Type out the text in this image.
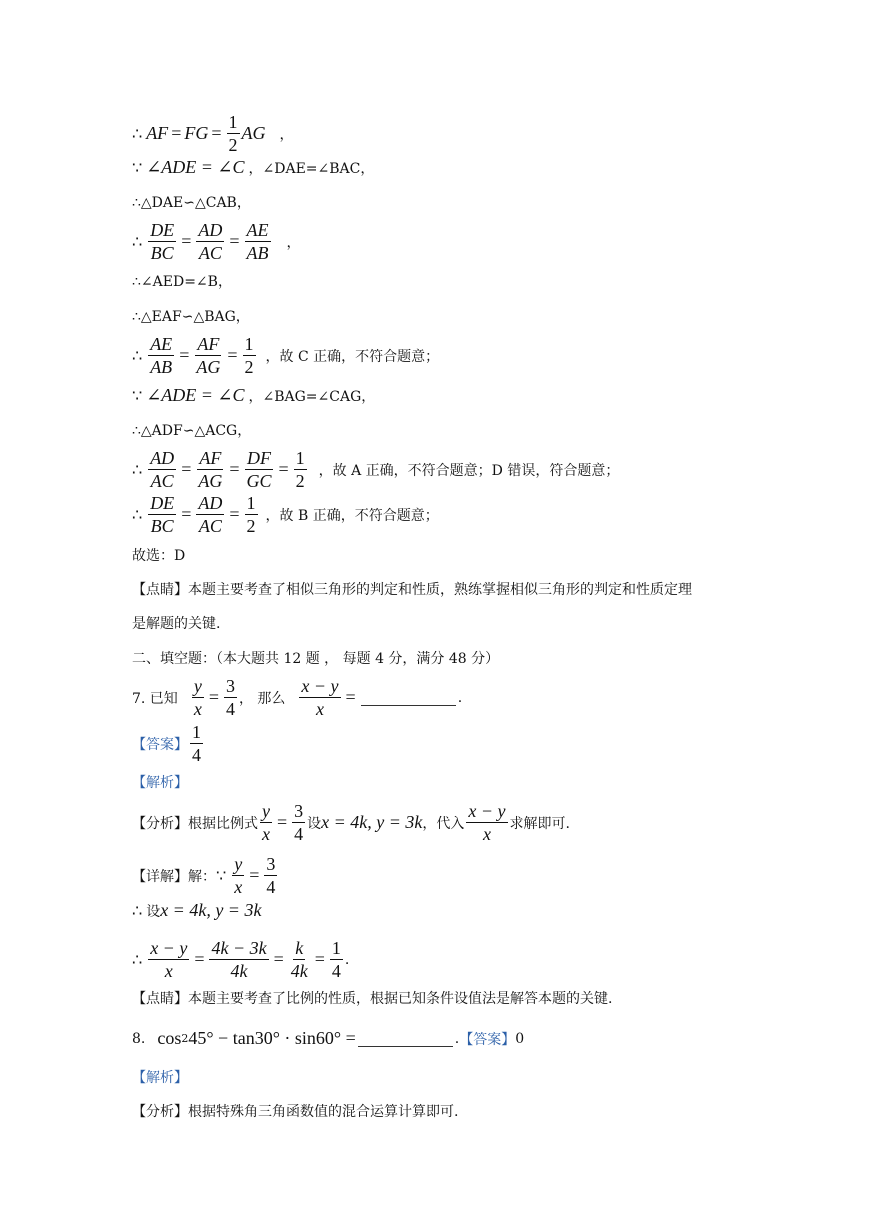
∴ AF = FG = $\frac{1}{2}$ AG ，
∵ ∠ADE = ∠C ，∠DAE=∠BAC，
∴△DAE∽△CAB，
∴ $\frac{DE}{BC} = \frac{AD}{AC} = \frac{AE}{AB}$ ，
∴∠AED=∠B，
∴△EAF∽△BAG，
∴ $\frac{AE}{AB} = \frac{AF}{AG} = \frac{1}{2}$ ，故 C 正确，不符合题意；
∵ ∠ADE = ∠C ，∠BAG=∠CAG，
∴△ADF∽△ACG，
∴ $\frac{AD}{AC} = \frac{AF}{AG} = \frac{DF}{GC} = \frac{1}{2}$ ，故 A 正确，不符合题意；D 错误，符合题意；
∴ $\frac{DE}{BC} = \frac{AD}{AC} = \frac{1}{2}$ ，故 B 正确，不符合题意；
故选：D
【点睛】本题主要考查了相似三角形的判定和性质，熟练掌握相似三角形的判定和性质定理
是解题的关键.
二、填空题：（本大题共 12 题 ， 每题 4 分，满分 48 分）
7. 已知 $\frac{y}{x} = \frac{3}{4}$ ， 那么 $\frac{x - y}{x}$ =	.
【答案】 $\frac{1}{4}$
【解析】
【分析】根据比例式 $\frac{y}{x} = \frac{3}{4}$ 设 x = 4k, y = 3k ，代入 $\frac{x - y}{x}$ 求解即可.
【详解】解： ∵ $\frac{y}{x} = \frac{3}{4}$
∴ 设 x = 4k, y = 3k
∴ $\frac{x - y}{x} = \frac{4k - 3k}{4k} = \frac{k}{4k} = \frac{1}{4}$ .
【点睛】本题主要考查了比例的性质，根据已知条件设值法是解答本题的关键.
8. cos 2 45° − tan30° · sin60° =	. 【答案】 0
【解析】
【分析】根据特殊角三角函数值的混合运算计算即可.
